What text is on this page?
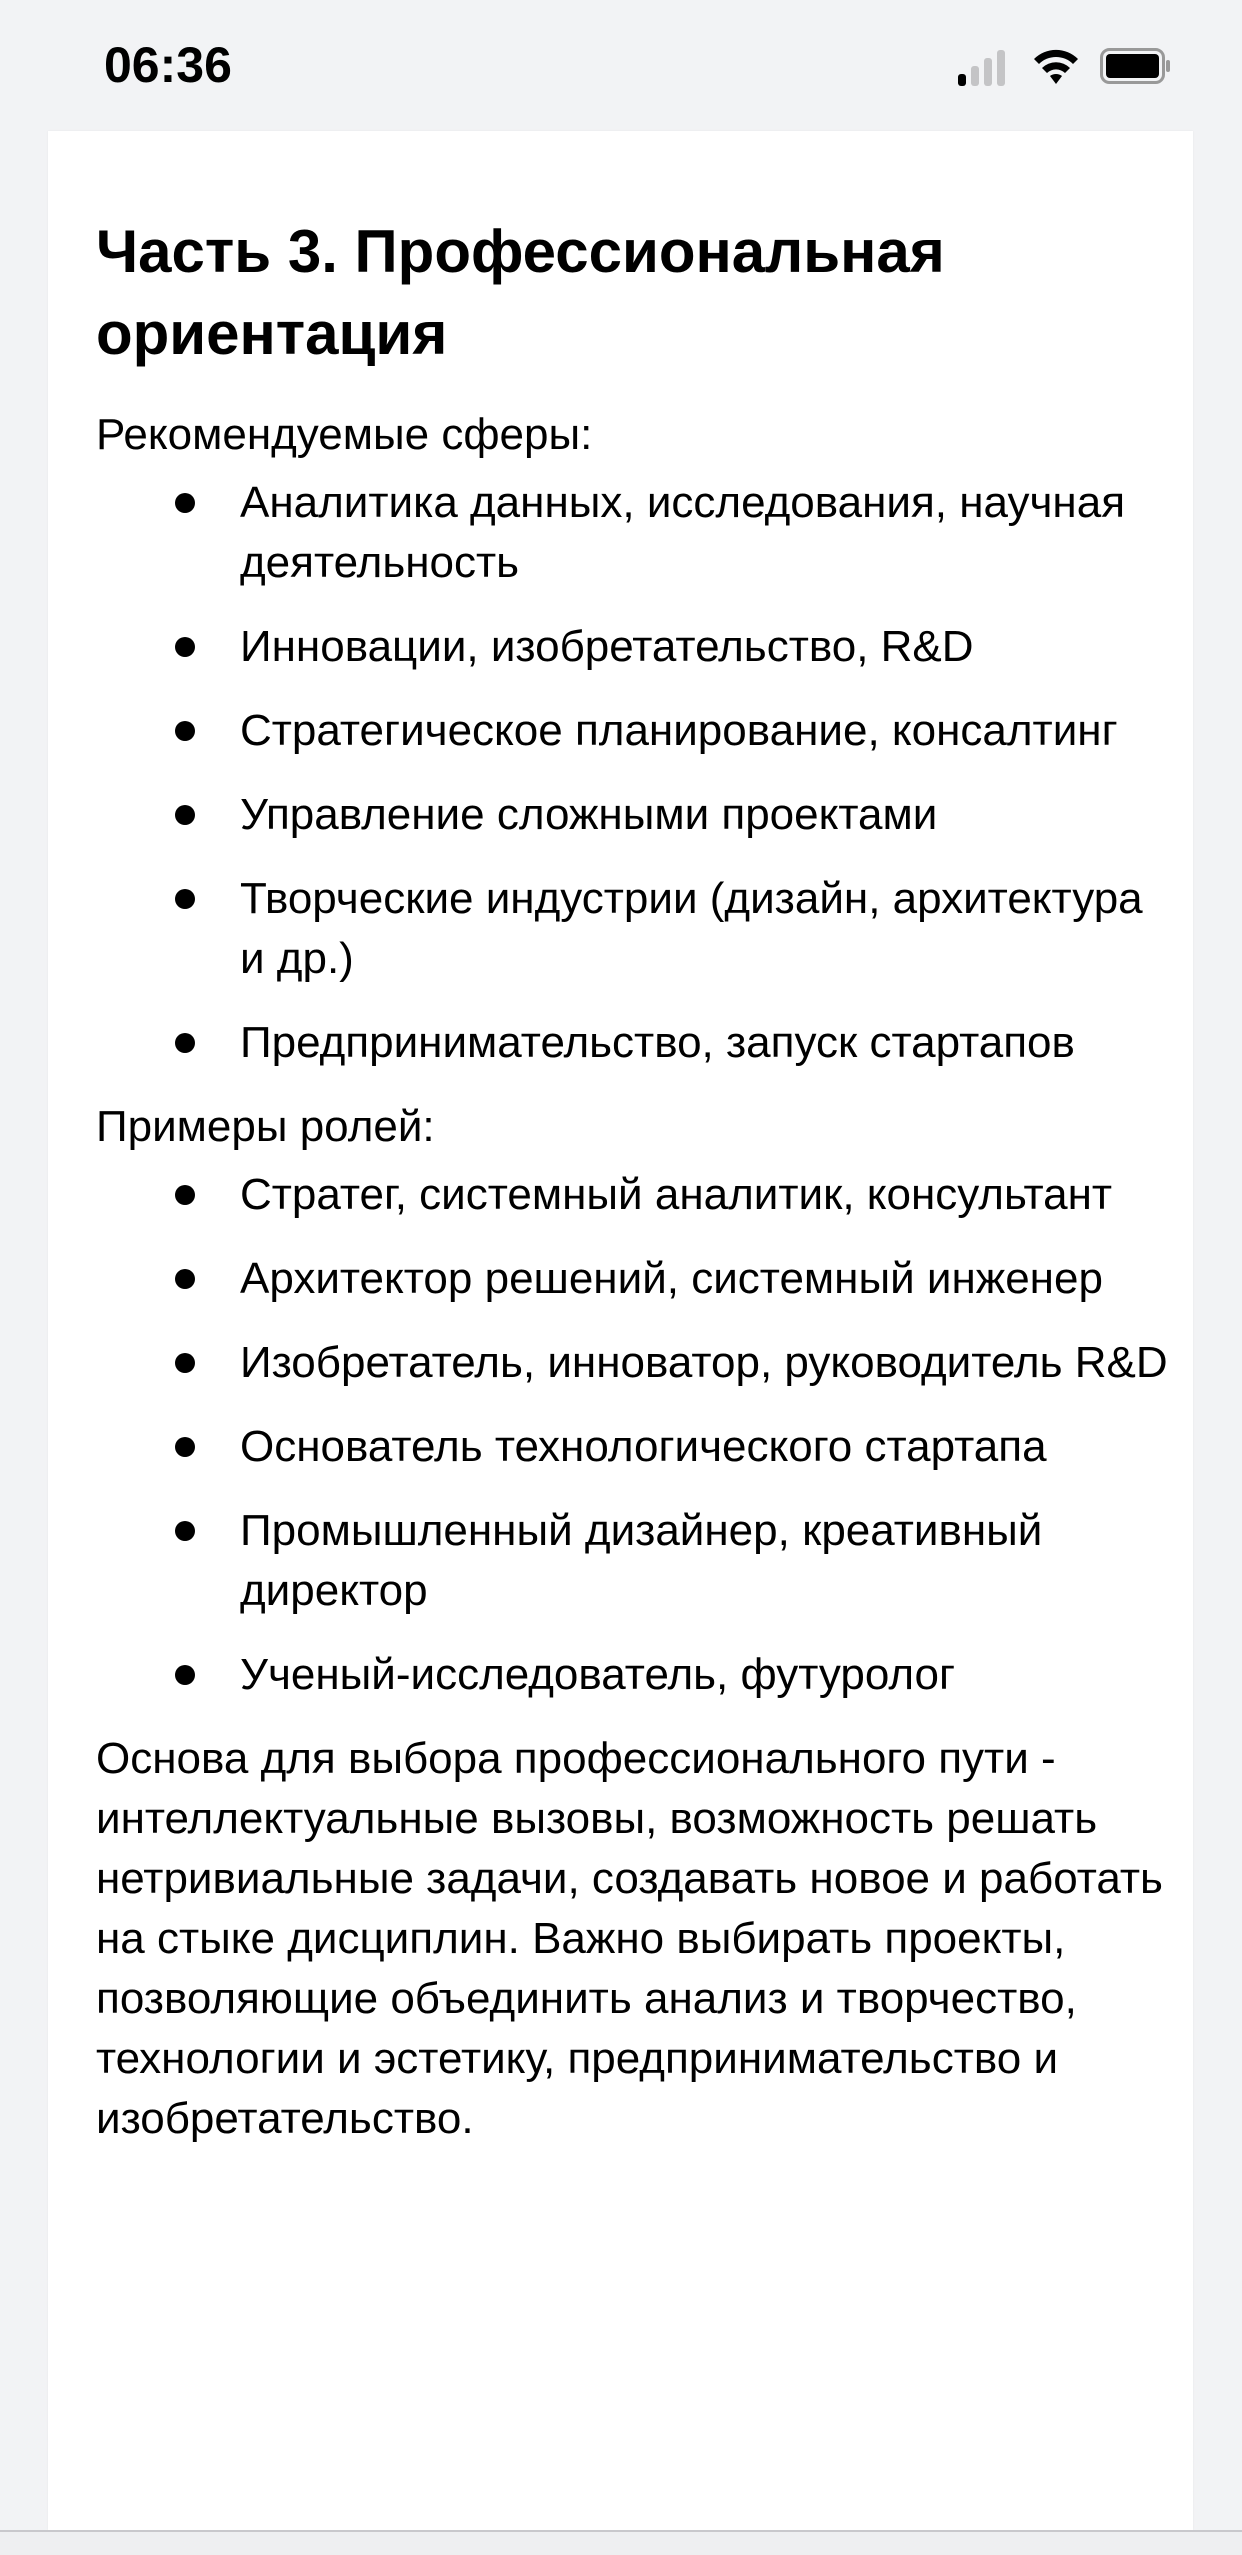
06:36
Часть 3. Профессиональная ориентация
Рекомендуемые сферы:
Аналитика данных, исследования, научная деятельность
Инновации, изобретательство, R&D
Стратегическое планирование, консалтинг
Управление сложными проектами
Творческие индустрии (дизайн, архитектура и др.)
Предпринимательство, запуск стартапов
Примеры ролей:
Стратег, системный аналитик, консультант
Архитектор решений, системный инженер
Изобретатель, инноватор, руководитель R&D
Основатель технологического стартапа
Промышленный дизайнер, креативный директор
Ученый-исследователь, футуролог
Основа для выбора профессионального пути - интеллектуальные вызовы, возможность решать нетривиальные задачи, создавать новое и работать на стыке дисциплин. Важно выбирать проекты, позволяющие объединить анализ и творчество, технологии и эстетику, предпринимательство и изобретательство.
